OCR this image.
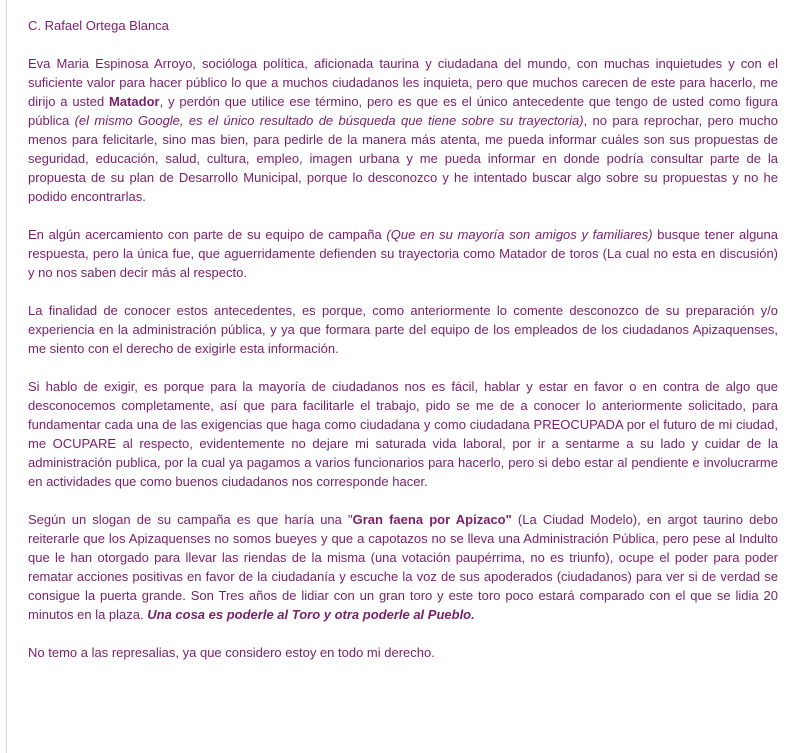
C. Rafael Ortega Blanca

Eva Maria Espinosa Arroyo, socióloga política, aficionada taurina y ciudadana del mundo, con muchas inquietudes y con el suficiente valor para hacer público lo que a muchos ciudadanos les inquieta, pero que muchos carecen de este para hacerlo, me dirijo a usted Matador, y perdón que utilice ese término, pero es que es el único antecedente que tengo de usted como figura pública (el mismo Google, es el único resultado de búsqueda que tiene sobre su trayectoria), no para reprochar, pero mucho menos para felicitarle, sino mas bien, para pedirle de la manera más atenta, me pueda informar cuáles son sus propuestas de seguridad, educación, salud, cultura, empleo, imagen urbana y me pueda informar en donde podría consultar parte de la propuesta de su plan de Desarrollo Municipal, porque lo desconozco y he intentado buscar algo sobre su propuestas y no he podido encontrarlas.

En algún acercamiento con parte de su equipo de campaña (Que en su mayoría son amigos y familiares) busque tener alguna respuesta, pero la única fue, que aguerridamente defienden su trayectoria como Matador de toros (La cual no esta en discusión) y no nos saben decir más al respecto.

La finalidad de conocer estos antecedentes, es porque, como anteriormente lo comente desconozco de su preparación y/o experiencia en la administración pública, y ya que formara parte del equipo de los empleados de los ciudadanos Apizaquenses, me siento con el derecho de exigirle esta información.

Si hablo de exigir, es porque para la mayoría de ciudadanos nos es fácil, hablar y estar en favor o en contra de algo que desconocemos completamente, así que para facilitarle el trabajo, pido se me de a conocer lo anteriormente solicitado, para fundamentar cada una de las exigencias que haga como ciudadana y como ciudadana PREOCUPADA por el futuro de mi ciudad, me OCUPARE al respecto, evidentemente no dejare mi saturada vida laboral, por ir a sentarme a su lado y cuidar de la administración publica, por la cual ya pagamos a varios funcionarios para hacerlo, pero si debo estar al pendiente e involucrarme en actividades que como buenos ciudadanos nos corresponde hacer.

Según un slogan de su campaña es que haría una "Gran faena por Apizaco" (La Ciudad Modelo), en argot taurino debo reiterarle que los Apizaquenses no somos bueyes y que a capotazos no se lleva una Administración Pública, pero pese al Indulto que le han otorgado para llevar las riendas de la misma (una votación paupérrima, no es triunfo), ocupe el poder para poder rematar acciones positivas en favor de la ciudadanía y escuche la voz de sus apoderados (ciudadanos) para ver si de verdad se consigue la puerta grande. Son Tres años de lidiar con un gran toro y este toro poco estará comparado con el que se lidia 20 minutos en la plaza. Una cosa es poderle al Toro y otra poderle al Pueblo.

No temo a las represalias, ya que considero estoy en todo mi derecho.
